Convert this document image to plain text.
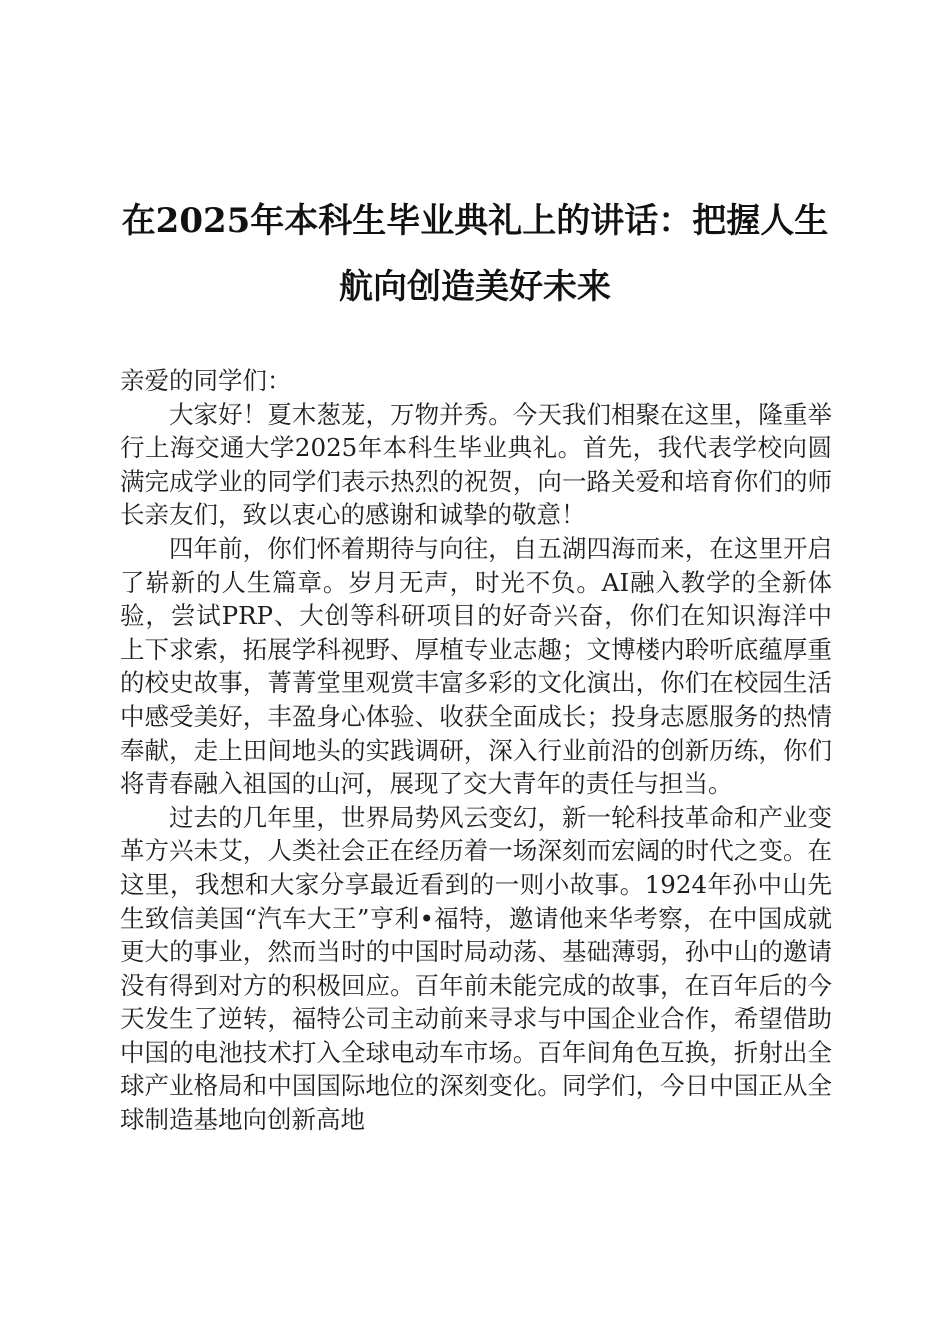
在2025年本科生毕业典礼上的讲话：把握人生航向创造美好未来

亲爱的同学们：

大家好！夏木葱茏，万物并秀。今天我们相聚在这里，隆重举行上海交通大学2025年本科生毕业典礼。首先，我代表学校向圆满完成学业的同学们表示热烈的祝贺，向一路关爱和培育你们的师长亲友们，致以衷心的感谢和诚挚的敬意！

四年前，你们怀着期待与向往，自五湖四海而来，在这里开启了崭新的人生篇章。岁月无声，时光不负。AI融入教学的全新体验，尝试PRP、大创等科研项目的好奇兴奋，你们在知识海洋中上下求索，拓展学科视野、厚植专业志趣；文博楼内聆听底蕴厚重的校史故事，菁菁堂里观赏丰富多彩的文化演出，你们在校园生活中感受美好，丰盈身心体验、收获全面成长；投身志愿服务的热情奉献，走上田间地头的实践调研，深入行业前沿的创新历练，你们将青春融入祖国的山河，展现了交大青年的责任与担当。

过去的几年里，世界局势风云变幻，新一轮科技革命和产业变革方兴未艾，人类社会正在经历着一场深刻而宏阔的时代之变。在这里，我想和大家分享最近看到的一则小故事。1924年孙中山先生致信美国“汽车大王”亨利•福特，邀请他来华考察，在中国成就更大的事业，然而当时的中国时局动荡、基础薄弱，孙中山的邀请没有得到对方的积极回应。百年前未能完成的故事，在百年后的今天发生了逆转，福特公司主动前来寻求与中国企业合作，希望借助中国的电池技术打入全球电动车市场。百年间角色互换，折射出全球产业格局和中国国际地位的深刻变化。同学们，今日中国正从全球制造基地向创新高地
